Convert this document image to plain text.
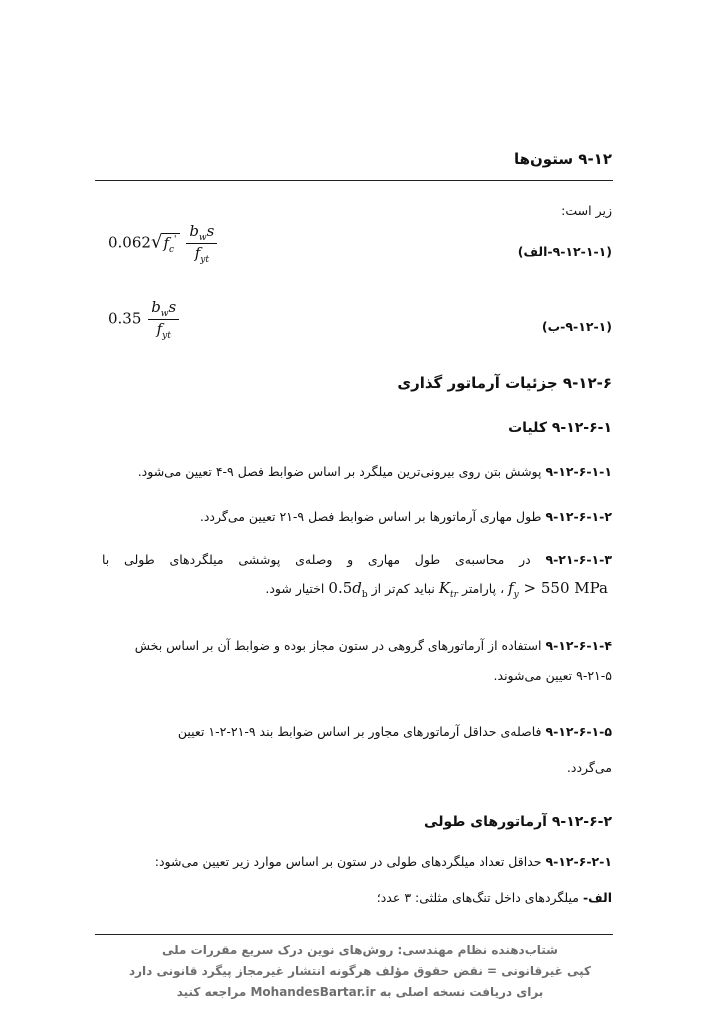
۹-۱۲ ستون‌ها
زیر است:
$0.062√f_c' \frac{b_ws}{f_{yt}}$	(۹-۱۲-۱-۱-الف)
$0.35 \frac{b_ws}{f_{yt}}$	(۹-۱۲-۱-ب)
۹-۱۲-۶ جزئیات آرماتور گذاری
۹-۱۲-۶-۱ کلیات
۹-۱۲-۶-۱-۱ پوشش بتن روی بیرونی‌ترین میلگرد بر اساس ضوابط فصل ۹-۴ تعیین می‌شود.
۹-۱۲-۶-۱-۲ طول مهاری آرماتورها بر اساس ضوابط فصل ۹-۲۱ تعیین می‌گردد.
۹-۲۱-۶-۱-۳ در محاسبه‌ی طول مهاری و وصله‌ی پوششی میلگردهای طولی با
$f_y > 550$ MPa ، پارامتر $K_{tr}$ نباید کم‌تر از $0.5d_b$ اختیار شود.
۹-۱۲-۶-۱-۴ استفاده از آرماتورهای گروهی در ستون مجاز بوده و ضوابط آن بر اساس بخش
۹-۲۱-۵ تعیین می‌شوند.
۹-۱۲-۶-۱-۵ فاصله‌ی حداقل آرماتورهای مجاور بر اساس ضوابط بند ۹-۲۱-۲-۱ تعیین
می‌گردد.
۹-۱۲-۶-۲ آرماتورهای طولی
۹-۱۲-۶-۲-۱ حداقل تعداد میلگردهای طولی در ستون بر اساس موارد زیر تعیین می‌شود:
الف- میلگردهای داخل تنگ‌های مثلثی: ۳ عدد؛
شتاب‌دهنده نظام مهندسی: روش‌های نوین درک سریع مقررات ملی
کپی غیرقانونی = نقض حقوق مؤلف هرگونه انتشار غیرمجاز پیگرد قانونی دارد
برای دریافت نسخه اصلی به MohandesBartar.ir مراجعه کنید
